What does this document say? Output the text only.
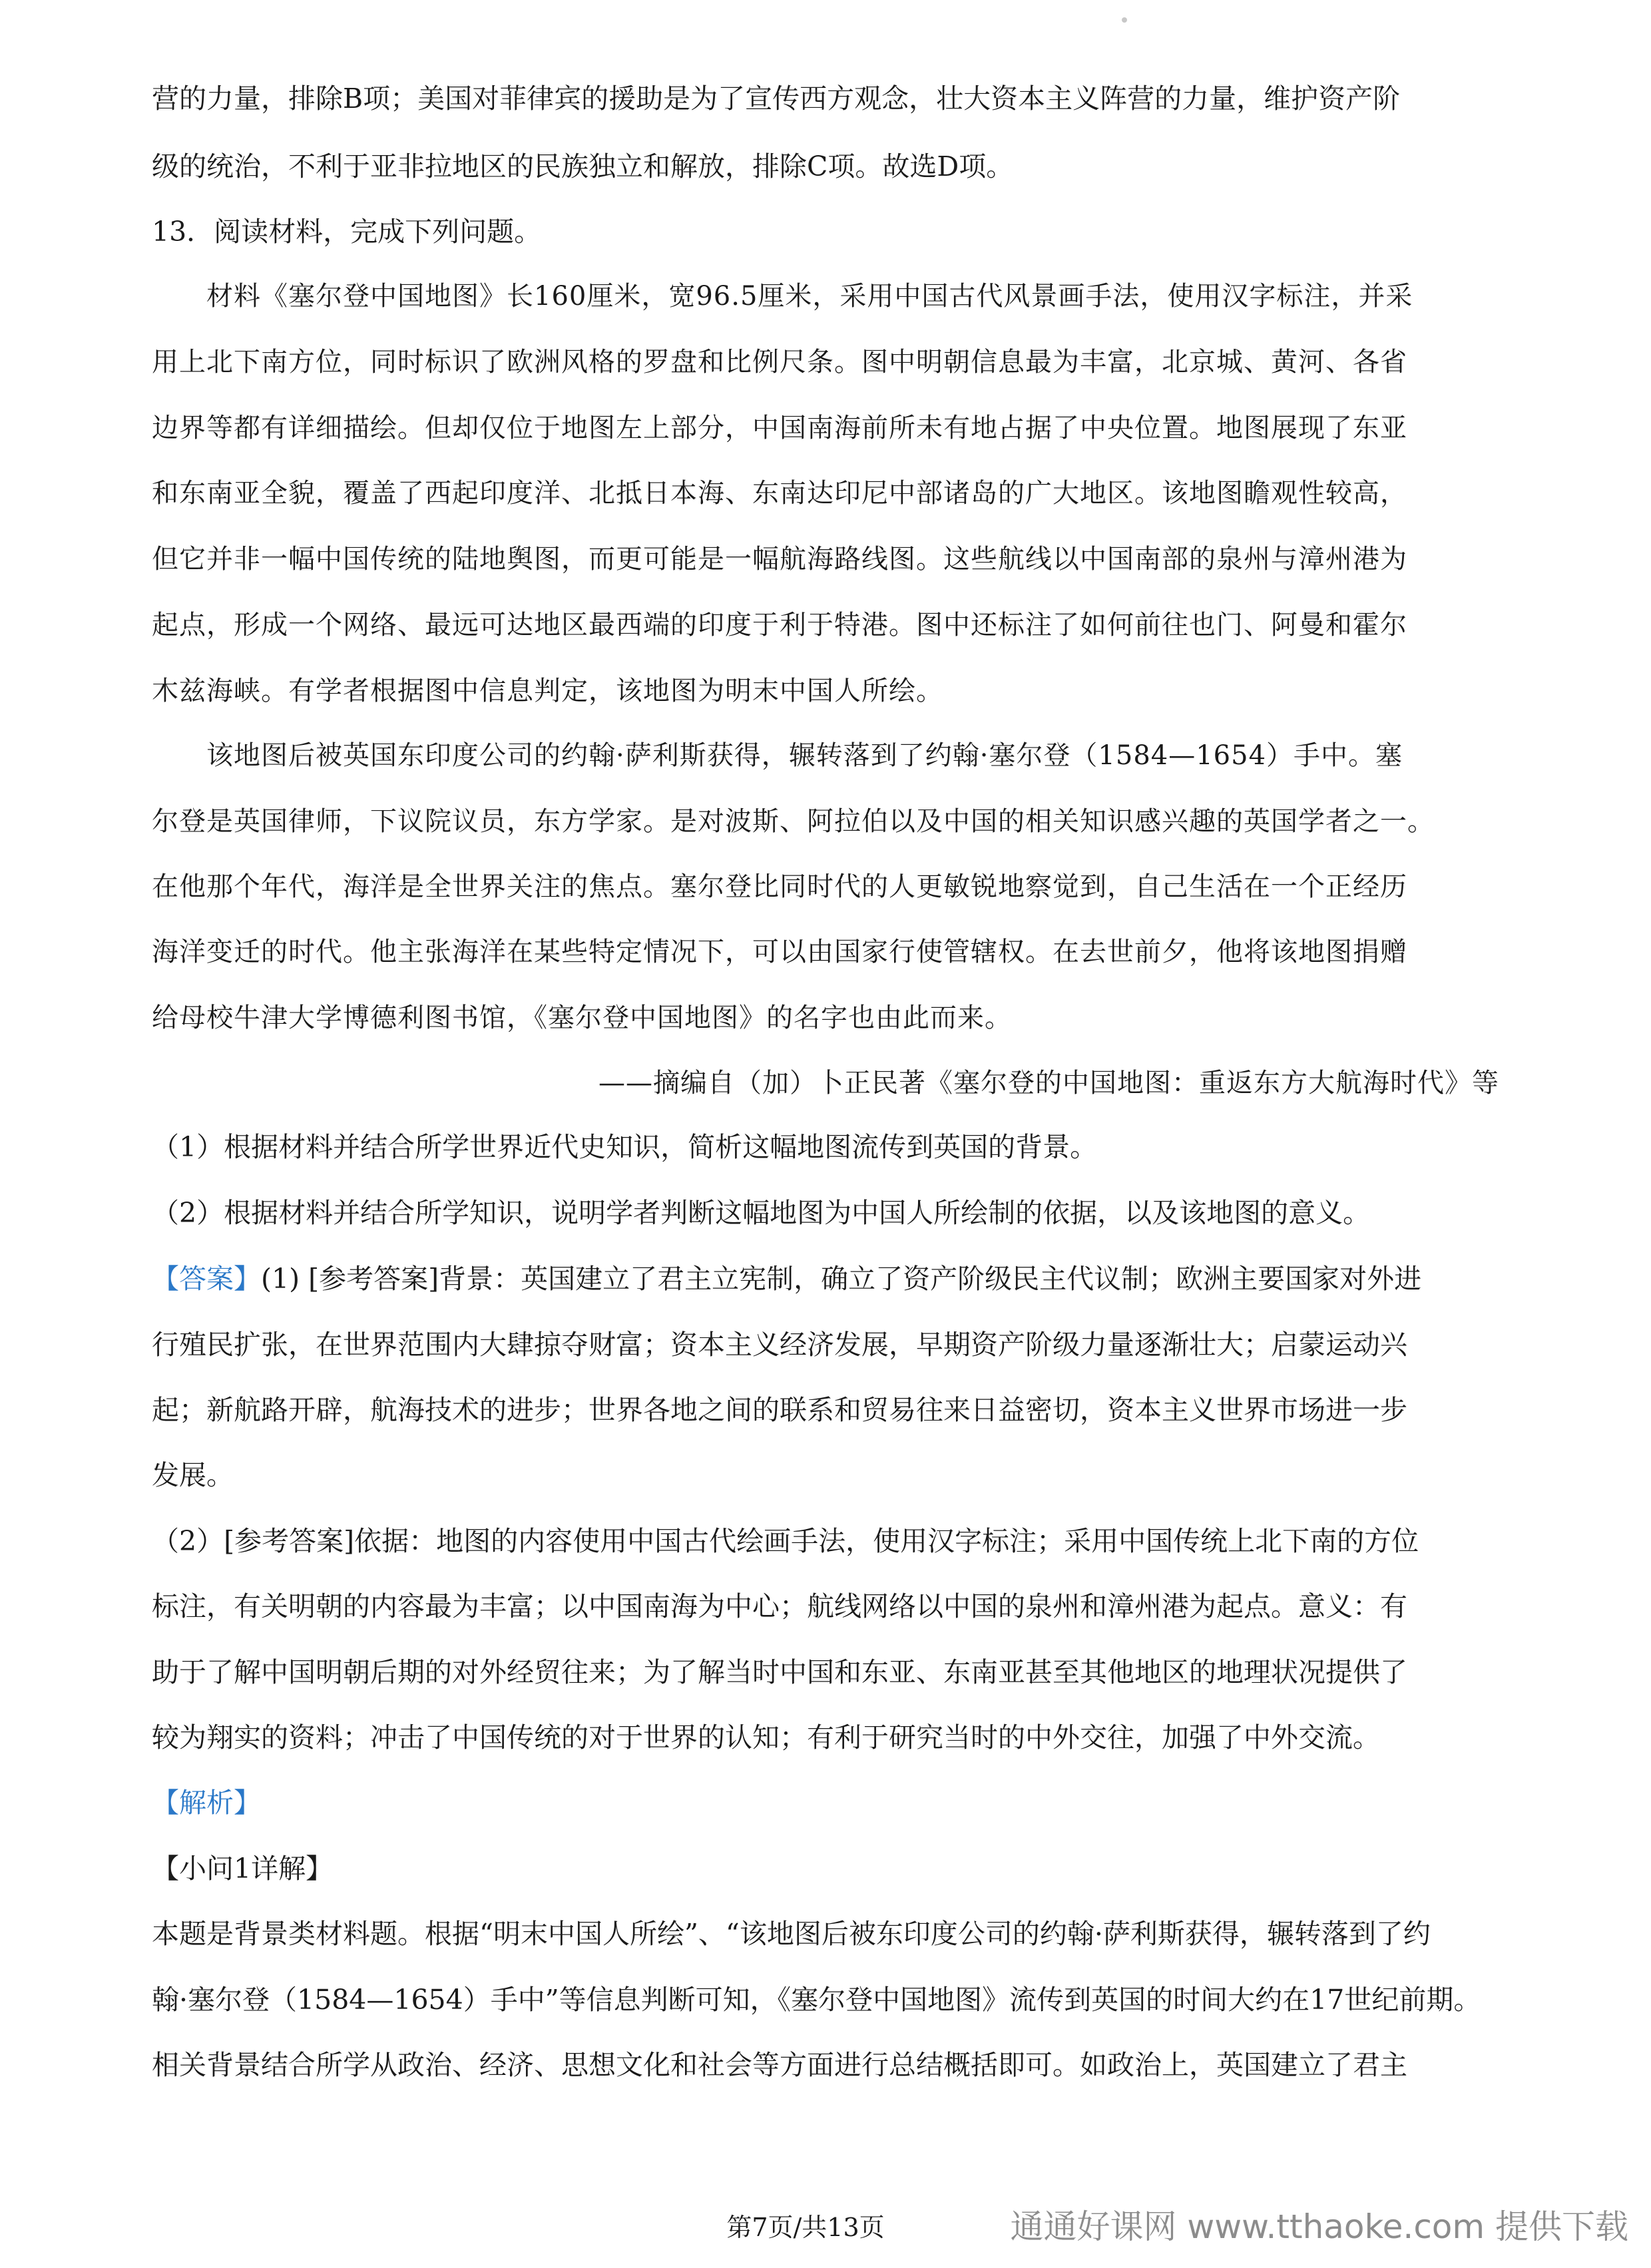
营的力量，排除B项；美国对菲律宾的援助是为了宣传西方观念，壮大资本主义阵营的力量，维护资产阶
级的统治，不利于亚非拉地区的民族独立和解放，排除C项。故选D项。
13．阅读材料，完成下列问题。
材料《塞尔登中国地图》长160厘米，宽96.5厘米，采用中国古代风景画手法，使用汉字标注，并采
用上北下南方位，同时标识了欧洲风格的罗盘和比例尺条。图中明朝信息最为丰富，北京城、黄河、各省
边界等都有详细描绘。但却仅位于地图左上部分，中国南海前所未有地占据了中央位置。地图展现了东亚
和东南亚全貌，覆盖了西起印度洋、北抵日本海、东南达印尼中部诸岛的广大地区。该地图瞻观性较高，
但它并非一幅中国传统的陆地舆图，而更可能是一幅航海路线图。这些航线以中国南部的泉州与漳州港为
起点，形成一个网络、最远可达地区最西端的印度于利于特港。图中还标注了如何前往也门、阿曼和霍尔
木兹海峡。有学者根据图中信息判定，该地图为明末中国人所绘。
该地图后被英国东印度公司的约翰·萨利斯获得，辗转落到了约翰·塞尔登（1584—1654）手中。塞
尔登是英国律师，下议院议员，东方学家。是对波斯、阿拉伯以及中国的相关知识感兴趣的英国学者之一。
在他那个年代，海洋是全世界关注的焦点。塞尔登比同时代的人更敏锐地察觉到，自己生活在一个正经历
海洋变迁的时代。他主张海洋在某些特定情况下，可以由国家行使管辖权。在去世前夕，他将该地图捐赠
给母校牛津大学博德利图书馆，《塞尔登中国地图》的名字也由此而来。
——摘编自（加）卜正民著《塞尔登的中国地图：重返东方大航海时代》等
（1）根据材料并结合所学世界近代史知识，简析这幅地图流传到英国的背景。
（2）根据材料并结合所学知识，说明学者判断这幅地图为中国人所绘制的依据，以及该地图的意义。
【答案】(1) [参考答案]背景：英国建立了君主立宪制，确立了资产阶级民主代议制；欧洲主要国家对外进
行殖民扩张，在世界范围内大肆掠夺财富；资本主义经济发展，早期资产阶级力量逐渐壮大；启蒙运动兴
起；新航路开辟，航海技术的进步；世界各地之间的联系和贸易往来日益密切，资本主义世界市场进一步
发展。
（2）[参考答案]依据：地图的内容使用中国古代绘画手法，使用汉字标注；采用中国传统上北下南的方位
标注，有关明朝的内容最为丰富；以中国南海为中心；航线网络以中国的泉州和漳州港为起点。意义：有
助于了解中国明朝后期的对外经贸往来；为了解当时中国和东亚、东南亚甚至其他地区的地理状况提供了
较为翔实的资料；冲击了中国传统的对于世界的认知；有利于研究当时的中外交往，加强了中外交流。
【解析】
【小问1详解】
本题是背景类材料题。根据“明末中国人所绘”、“该地图后被东印度公司的约翰·萨利斯获得，辗转落到了约
翰·塞尔登（1584—1654）手中”等信息判断可知，《塞尔登中国地图》流传到英国的时间大约在17世纪前期。
相关背景结合所学从政治、经济、思想文化和社会等方面进行总结概括即可。如政治上，英国建立了君主
第7页/共13页	通通好课网 www.tthaoke.com 提供下载
